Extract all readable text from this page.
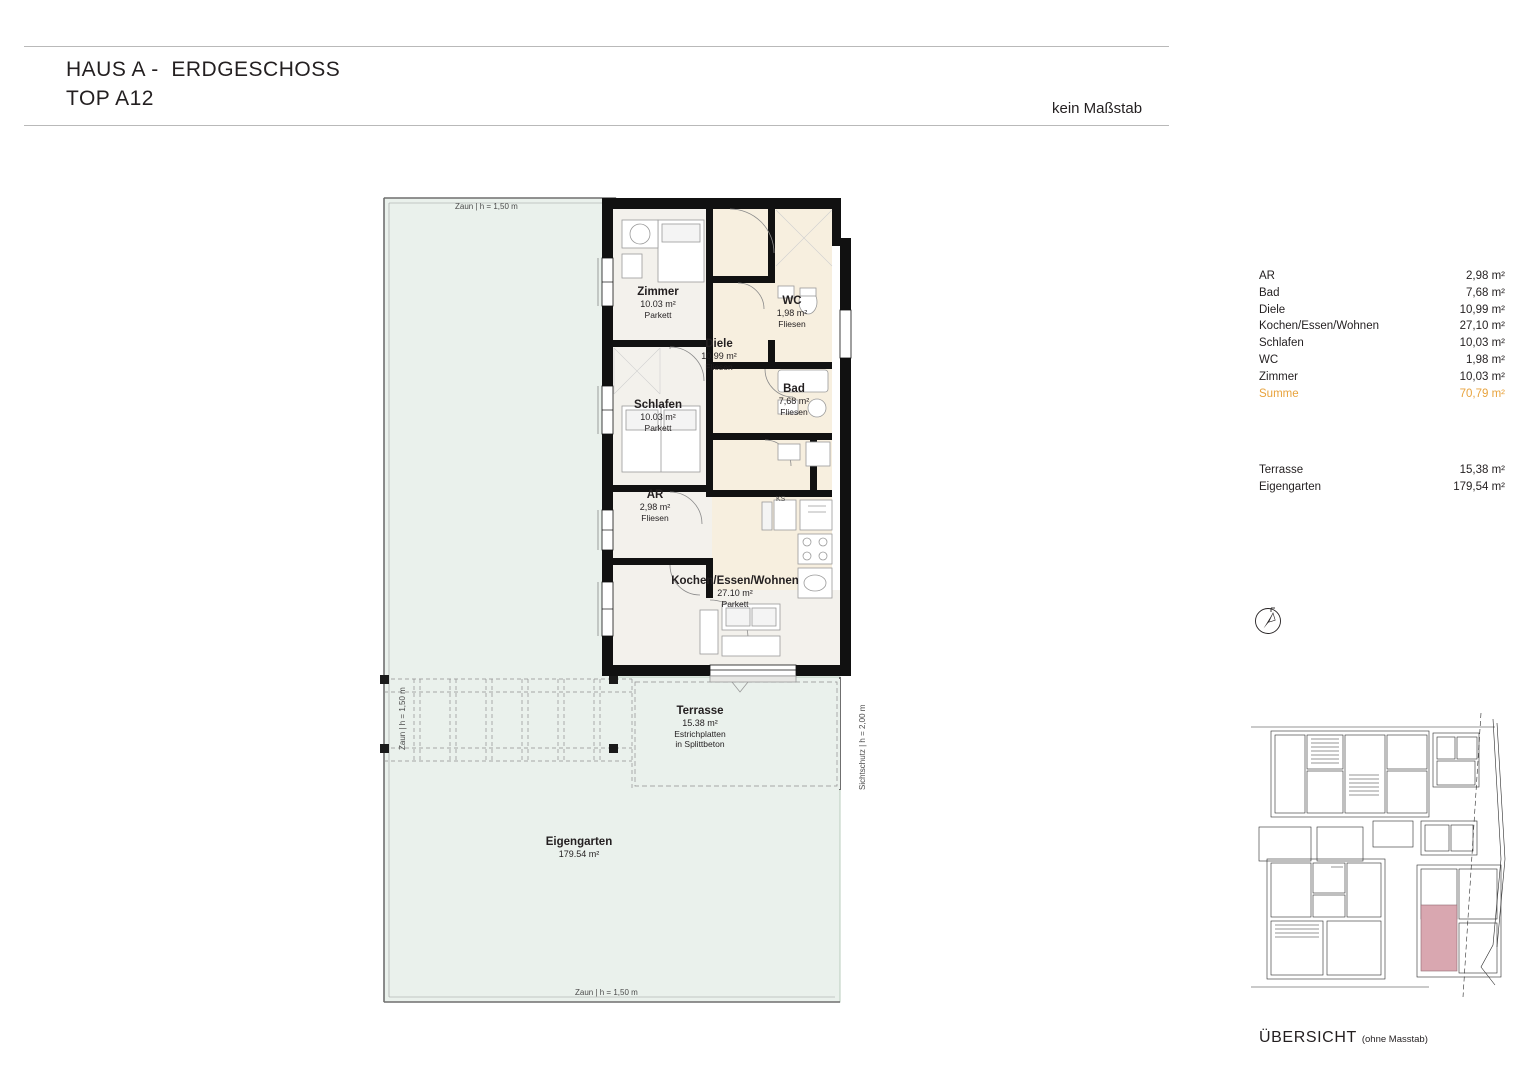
HAUS A -  ERDGESCHOSS
TOP A12	kein Maßstab
AR	2,98 m²
Bad	7,68 m²
Diele	10,99 m²
Kochen/Essen/Wohnen	27,10 m²
Schlafen	10,03 m²
WC	1,98 m²
Zimmer	10,03 m²
Summe	70,79 m²
Terrasse	15,38 m²
Eigengarten	179,54 m²
ÜBERSICHT (ohne Masstab)
Zaun | h = 1,50 m
Zaun | h = 1,50 m
Zaun | h = 1,50 m
Sichtschutz | h = 2,00 m
KS
Zimmer
10.03 m²
Parkett
Schlafen
10.03 m²
Parkett
AR
2,98 m²
Fliesen
Diele
10.99 m²
Fliesen
WC
1,98 m²
Fliesen
Bad
7,68 m²
Fliesen
Kochen/Essen/Wohnen
27.10 m²
Parkett
Terrasse
15.38 m²
Estrichplatten
in Splittbeton
Eigengarten
179.54 m²
